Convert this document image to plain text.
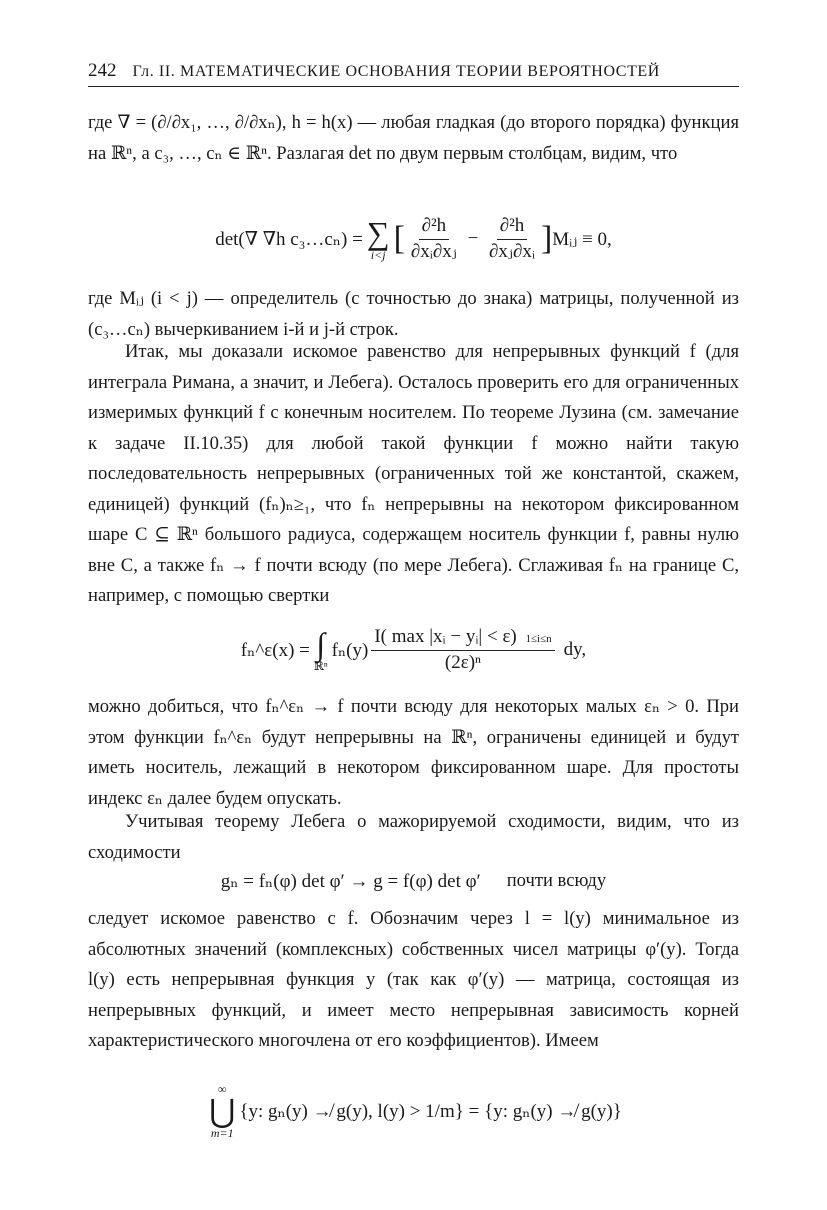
242 Гл. II. МАТЕМАТИЧЕСКИЕ ОСНОВАНИЯ ТЕОРИИ ВЕРОЯТНОСТЕЙ

где ∇ = (∂/∂x₁, …, ∂/∂xₙ), h = h(x) — любая гладкая (до второго порядка) функция на ℝⁿ, а c₃, …, cₙ ∈ ℝⁿ. Разлагая det по двум первым столбцам, видим, что

det(∇ ∇h c₃…cₙ) = ∑
i<j [ $\frac{\text{∂²h}}{\text{∂xᵢ∂xⱼ}} - \frac{\text{∂²h}}{\text{∂xⱼ∂xᵢ}}$ ] Mᵢⱼ ≡ 0,

где Mᵢⱼ (i < j) — определитель (с точностью до знака) матрицы, полученной из (c₃…cₙ) вычеркиванием i-й и j-й строк.

Итак, мы доказали искомое равенство для непрерывных функций f (для интеграла Римана, а значит, и Лебега). Осталось проверить его для ограниченных измеримых функций f с конечным носителем. По теореме Лузина (см. замечание к задаче II.10.35) для любой такой функции f можно найти такую последовательность непрерывных (ограниченных той же константой, скажем, единицей) функций (fₙ)ₙ≥₁, что fₙ непрерывны на некотором фиксированном шаре C ⊆ ℝⁿ большого радиуса, содержащем носитель функции f, равны нулю вне C, а также fₙ → f почти всюду (по мере Лебега). Сглаживая fₙ на границе C, например, с помощью свертки

fₙ^ε(x) = ∫
ℝⁿ
$f_n(y) \frac{\text{I( max |xᵢ − yᵢ| < ε) 1≤i≤n}}{\text{(2ε)ⁿ}}$ dy,

можно добиться, что fₙ^εₙ → f почти всюду для некоторых малых εₙ > 0. При этом функции fₙ^εₙ будут непрерывны на ℝⁿ, ограничены единицей и будут иметь носитель, лежащий в некотором фиксированном шаре. Для простоты индекс εₙ далее будем опускать.

Учитывая теорему Лебега о мажорируемой сходимости, видим, что из сходимости

gₙ = fₙ(φ) det φ′ → g = f(φ) det φ′ почти всюду

следует искомое равенство с f. Обозначим через l = l(y) минимальное из абсолютных значений (комплексных) собственных чисел матрицы φ′(y). Тогда l(y) есть непрерывная функция y (так как φ′(y) — матрица, состоящая из непрерывных функций, и имеет место непрерывная зависимость корней характеристического многочлена от его коэффициентов). Имеем

∞
⋃
m=1
{y: gₙ(y) ↛ g(y), l(y) > 1/m} = {y: gₙ(y) ↛ g(y)}
